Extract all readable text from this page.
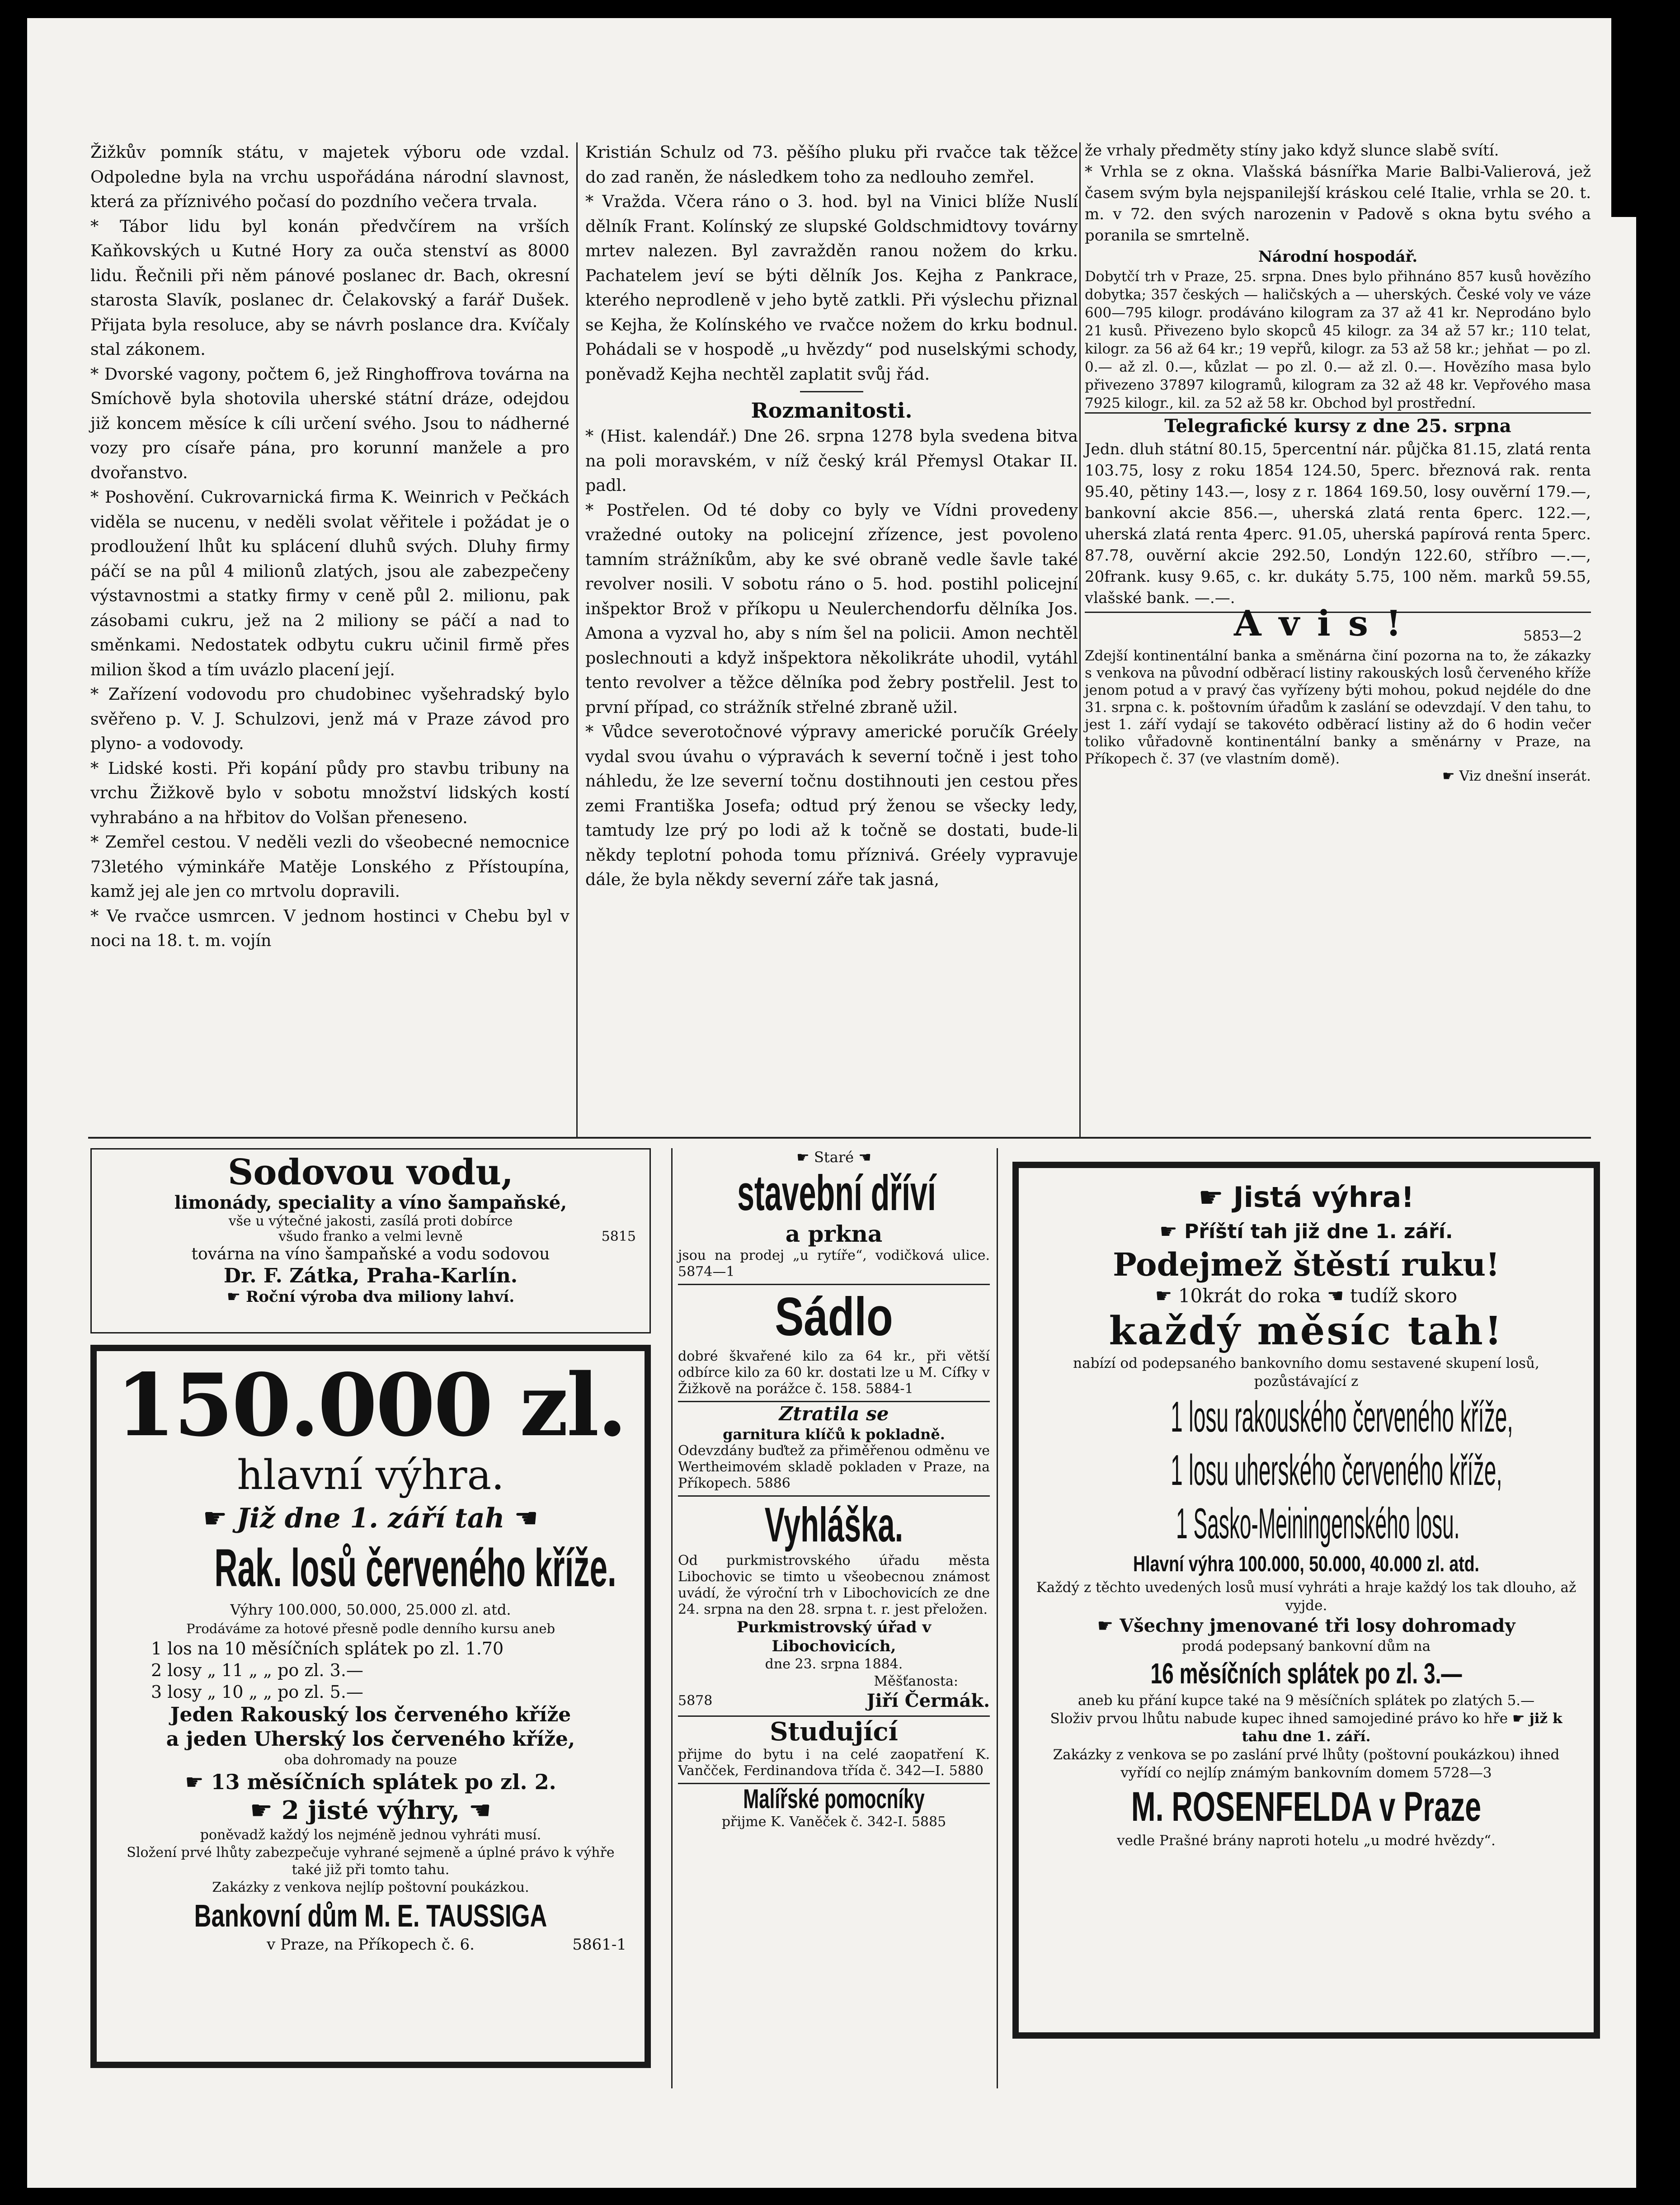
Žižkův pomník státu, v majetek výboru ode vzdal. Odpoledne byla na vrchu uspořádána národní slavnost, která za příznivého počasí do pozdního večera trvala.

* Tábor lidu byl konán předvčírem na vrších Kaňkovských u Kutné Hory za ouča stenství as 8000 lidu. Řečnili při něm pánové poslanec dr. Bach, okresní starosta Slavík, poslanec dr. Čelakovský a farář Dušek. Přijata byla resoluce, aby se návrh poslance dra. Kvíčaly stal zákonem.

* Dvorské vagony, počtem 6, jež Ringhoffrova továrna na Smíchově byla shotovila uherské státní dráze, odejdou již koncem měsíce k cíli určení svého. Jsou to nádherné vozy pro císaře pána, pro korunní manžele a pro dvořanstvo.

* Poshovění. Cukrovarnická firma K. Weinrich v Pečkách viděla se nucenu, v neděli svolat věřitele i požádat je o prodloužení lhůt ku splácení dluhů svých. Dluhy firmy páčí se na půl 4 milionů zlatých, jsou ale zabezpečeny výstavnostmi a statky firmy v ceně půl 2. milionu, pak zásobami cukru, jež na 2 miliony se páčí a nad to směnkami. Nedostatek odbytu cukru učinil firmě přes milion škod a tím uvázlo placení její.

* Zařízení vodovodu pro chudobinec vyšehradský bylo svěřeno p. V. J. Schulzovi, jenž má v Praze závod pro plyno- a vodovody.

* Lidské kosti. Při kopání půdy pro stavbu tribuny na vrchu Žižkově bylo v sobotu množství lidských kostí vyhrabáno a na hřbitov do Volšan přeneseno.

* Zemřel cestou. V neděli vezli do všeobecné nemocnice 73letého výminkáře Matěje Lonského z Přístoupína, kamž jej ale jen co mrtvolu dopravili.

* Ve rvačce usmrcen. V jednom hostinci v Chebu byl v noci na 18. t. m. vojín

Kristián Schulz od 73. pěšího pluku při rvačce tak těžce do zad raněn, že následkem toho za nedlouho zemřel.

* Vražda. Včera ráno o 3. hod. byl na Vinici blíže Nuslí dělník Frant. Kolínský ze slupské Goldschmidtovy továrny mrtev nalezen. Byl zavražděn ranou nožem do krku. Pachatelem jeví se býti dělník Jos. Kejha z Pankrace, kterého neprodleně v jeho bytě zatkli. Při výslechu přiznal se Kejha, že Kolínského ve rvačce nožem do krku bodnul. Pohádali se v hospodě „u hvězdy“ pod nuselskými schody, poněvadž Kejha nechtěl zaplatit svůj řád.

Rozmanitosti.

* (Hist. kalendář.) Dne 26. srpna 1278 byla svedena bitva na poli moravském, v níž český král Přemysl Otakar II. padl.

* Postřelen. Od té doby co byly ve Vídni provedeny vražedné outoky na policejní zřízence, jest povoleno tamním strážníkům, aby ke své obraně vedle šavle také revolver nosili. V sobotu ráno o 5. hod. postihl policejní inšpektor Brož v příkopu u Neulerchendorfu dělníka Jos. Amona a vyzval ho, aby s ním šel na policii. Amon nechtěl poslechnouti a když inšpektora několikráte uhodil, vytáhl tento revolver a těžce dělníka pod žebry postřelil. Jest to první případ, co strážník střelné zbraně užil.

* Vůdce severotočnové výpravy americké poručík Gréely vydal svou úvahu o výpravách k severní točně i jest toho náhledu, že lze severní točnu dostihnouti jen cestou přes zemi Františka Josefa; odtud prý ženou se všecky ledy, tamtudy lze prý po lodi až k točně se dostati, bude-li někdy teplotní pohoda tomu příznivá. Gréely vypravuje dále, že byla někdy severní záře tak jasná,

že vrhaly předměty stíny jako když slunce slabě svítí.

* Vrhla se z okna. Vlašská básnířka Marie Balbi-Valierová, jež časem svým byla nejspanilejší kráskou celé Italie, vrhla se 20. t. m. v 72. den svých narozenin v Padově s okna bytu svého a poranila se smrtelně.

Národní hospodář.

Dobytčí trh v Praze, 25. srpna. Dnes bylo přihnáno 857 kusů hovězího dobytka; 357 českých — haličských a — uherských. České voly ve váze 600—795 kilogr. prodáváno kilogram za 37 až 41 kr. Neprodáno bylo 21 kusů. Přivezeno bylo skopců 45 kilogr. za 34 až 57 kr.; 110 telat, kilogr. za 56 až 64 kr.; 19 vepřů, kilogr. za 53 až 58 kr.; jehňat — po zl. 0.— až zl. 0.—, kůzlat — po zl. 0.— až zl. 0.—. Hovězího masa bylo přivezeno 37897 kilogramů, kilogram za 32 až 48 kr. Vepřového masa 7925 kilogr., kil. za 52 až 58 kr. Obchod byl prostřední.

Telegrafické kursy z dne 25. srpna

Jedn. dluh státní 80.15, 5percentní nár. půjčka 81.15, zlatá renta 103.75, losy z roku 1854 124.50, 5perc. březnová rak. renta 95.40, pětiny 143.—, losy z r. 1864 169.50, losy ouvěrní 179.—, bankovní akcie 856.—, uherská zlatá renta 6perc. 122.—, uherská zlatá renta 4perc. 91.05, uherská papírová renta 5perc. 87.78, ouvěrní akcie 292.50, Londýn 122.60, stříbro —.—, 20frank. kusy 9.65, c. kr. dukáty 5.75, 100 něm. marků 59.55, vlašské bank. —.—.

A v i s !	5853—2

Zdejší kontinentální banka a směnárna činí pozorna na to, že zákazky s venkova na původní odběrací listiny rakouských losů červeného kříže jenom potud a v pravý čas vyřízeny býti mohou, pokud nejdéle do dne 31. srpna c. k. poštovním úřadům k zaslání se odevzdají. V den tahu, to jest 1. září vydají se takovéto odběrací listiny až do 6 hodin večer toliko vůřadovně kontinentální banky a směnárny v Praze, na Příkopech č. 37 (ve vlastním domě).

☛ Viz dnešní inserát.
Sodovou vodu,
limonády, speciality a víno šampaňské,
vše u výtečné jakosti, zasílá proti dobírce
všudo franko a velmi levně	5815
továrna na víno šampaňské a vodu sodovou
Dr. F. Zátka, Praha-Karlín.
☛ Roční výroba dva miliony lahví.
150.000 zl.
hlavní výhra.
☛ Již dne 1. září tah ☚
Rak. losů červeného kříže.
Výhry 100.000, 50.000, 25.000 zl. atd.
Prodáváme za hotové přesně podle denního kursu aneb
1 los na 10 měsíčních splátek po zl. 1.70
2 losy „ 11 „ „ po zl. 3.—
3 losy „ 10 „ „ po zl. 5.—
Jeden Rakouský los červeného kříže
a jeden Uherský los červeného kříže,
oba dohromady na pouze
☛ 13 měsíčních splátek po zl. 2.
☛ 2 jisté výhry, ☚
poněvadž každý los nejméně jednou vyhráti musí.
Složení prvé lhůty zabezpečuje vyhrané sejmeně a úplné právo k výhře také již při tomto tahu.
Zakázky z venkova nejlíp poštovní poukázkou.
Bankovní dům M. E. TAUSSIGA
v Praze, na Příkopech č. 6.	5861-1
☛ Staré ☚
stavební dříví
a prkna
jsou na prodej „u rytíře“, vodičková ulice. 5874—1
Sádlo
dobré škvařené kilo za 64 kr., při větší odbírce kilo za 60 kr. dostati lze u M. Cífky v Žižkově na porážce č. 158. 5884-1
Ztratila se
garnitura klíčů k pokladně.
Odevzdány buďtež za přiměřenou odměnu ve Wertheimovém skladě pokladen v Praze, na Příkopech. 5886
Vyhláška.
Od purkmistrovského úřadu města Libochovic se timto u všeobecnou známost uvádí, že výroční trh v Libochovicích ze dne 24. srpna na den 28. srpna t. r. jest přeložen.
Purkmistrovský úřad v Libochovicích,
dne 23. srpna 1884.
Měšťanosta:
5878	Jiří Čermák.
Studující
přijme do bytu i na celé zaopatření K. Vančček, Ferdinandova třída č. 342—I. 5880
Malířské pomocníky
přijme K. Vaněček č. 342-I. 5885
☛ Jistá výhra!
☛ Příští tah již dne 1. září.
Podejmež štěstí ruku!
☛ 10krát do roka ☚ tudíž skoro
každý měsíc tah!
nabízí od podepsaného bankovního domu sestavené skupení losů, pozůstávající z
1 losu rakouského červeného kříže,
1 losu uherského červeného kříže,
1 Sasko-Meiningenského losu.
Hlavní výhra 100.000, 50.000, 40.000 zl. atd.
Každý z těchto uvedených losů musí vyhráti a hraje každý los tak dlouho, až vyjde.
☛ Všechny jmenované tři losy dohromady
prodá podepsaný bankovní dům na
16 měsíčních splátek po zl. 3.—
aneb ku přání kupce také na 9 měsíčních splátek po zlatých 5.—
Složiv prvou lhůtu nabude kupec ihned samojediné právo ko hře ☛ již k tahu dne 1. září.
Zakázky z venkova se po zaslání prvé lhůty (poštovní poukázkou) ihned vyřídí co nejlíp známým bankovním domem 5728—3
M. ROSENFELDA v Praze
vedle Prašné brány naproti hotelu „u modré hvězdy“.
